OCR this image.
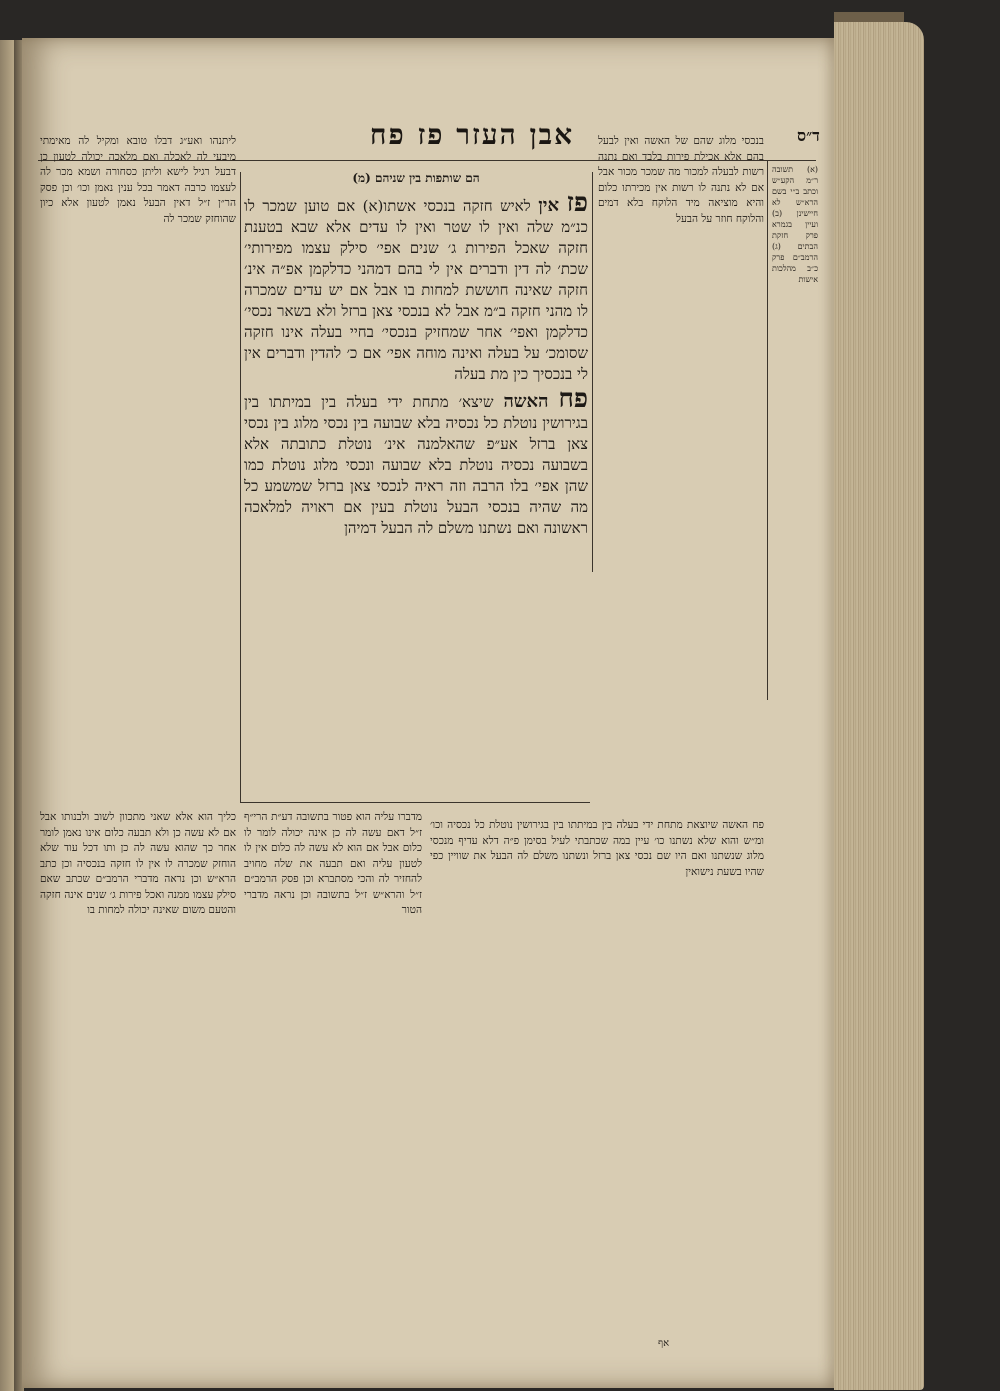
אבן העזר פז פח	ד״ס
(א) תשובה ר״מ הקע״ש וכתב ב״י בשם הרא״ש לא חיישינן (ב) ועיין בגמרא פרק חזקת הבתים (ג) הרמב״ם פרק כ״ב מהלכות אישות
בנכסי מלוג שהם של האשה ואין לבעל בהם אלא אכילת פירות בלבד ואם נתנה רשות לבעלה למכור מה שמכר מכור אבל אם לא נתנה לו רשות אין מכירתו כלום והיא מוציאה מיד הלוקח בלא דמים והלוקח חוזר על הבעל
הם שותפות בין שניהם (מ)

פז אין לאיש חזקה בנכסי אשתו(א) אם טוען שמכר לו כנ״מ שלה ואין לו שטר ואין לו עדים אלא שבא בטענת חזקה שאכל הפירות ג׳ שנים אפי׳ סילק עצמו מפירותי׳ שכת׳ לה דין ודברים אין לי בהם דמהני כדלקמן אפ״ה אינ׳ חזקה שאינה חוששת למחות בו אבל אם יש עדים שמכרה לו מהני חזקה ב״מ אבל לא בנכסי צאן ברזל ולא בשאר נכסי׳ כדלקמן ואפי׳ אחר שמחזיק בנכסי׳ בחיי בעלה אינו חזקה שסומכ׳ על בעלה ואינה מוחה אפי׳ אם כ׳ להדין ודברים אין לי בנכסיך כין מת בעלה

פח האשה שיצא׳ מתחת ידי בעלה בין במיתתו בין בגירושין נוטלת כל נכסיה בלא שבועה בין נכסי מלוג בין נכסי צאן ברזל אע״פ שהאלמנה אינ׳ נוטלת כתובתה אלא בשבועה נכסיה נוטלת בלא שבועה ונכסי מלוג נוטלת כמו שהן אפי׳ בלו הרבה וזה ראיה לנכסי צאן ברזל שמשמע כל מה שהיה בנכסי הבעל נוטלת בעין אם ראויה למלאכה ראשונה ואם נשתנו משלם לה הבעל דמיהן

ליתנהו ואע״ג דבלו טובא ומקיל לה מאימתי מיבעי לה לאכלה ואם מלאכה יכולה לטעון כן דבעל רגיל לישא וליתן כסחורה ושמא מכר לה לעצמו כרבה דאמר בכל ענין נאמן וכו׳ וכן פסק הר״ן ז״ל דאין הבעל נאמן לטעון אלא כיון שהוחזק שמכר לה
כליך הוא אלא שאני מתכוון לשוב ולבנותו אבל אם לא עשה כן ולא תבעה כלום אינו נאמן לומר אחר כך שהוא עשה לה כן ותו דכל עוד שלא הוחזק שמכרה לו אין לו חזקה בנכסיה וכן כתב הרא״ש וכן נראה מדברי הרמב״ם שכתב שאם סילק עצמו ממנה ואכל פירות ג׳ שנים אינה חזקה והטעם משום שאינה יכולה למחות בו
מדברו עליה הוא פטור בתשובה דע״ת הרי״ף ז״ל דאם עשה לה כן אינה יכולה לומר לו כלום אבל אם הוא לא עשה לה כלום אין לו לטעון עליה ואם תבעה את שלה מחויב להחזיר לה והכי מסתברא וכן פסק הרמב״ם ז״ל והרא״ש ז״ל בתשובה וכן נראה מדברי הטור
פח האשה שיוצאת מתחת ידי בעלה בין במיתתו בין בגירושין נוטלת כל נכסיה וכו׳ ומ״ש והוא שלא נשתנו כו׳ עיין במה שכתבתי לעיל בסימן פ״ה דלא עדיף מנכסי מלוג שנשתנו ואם היו שם נכסי צאן ברזל ונשתנו משלם לה הבעל את שוויין כפי שהיו בשעת נישואין
אף
